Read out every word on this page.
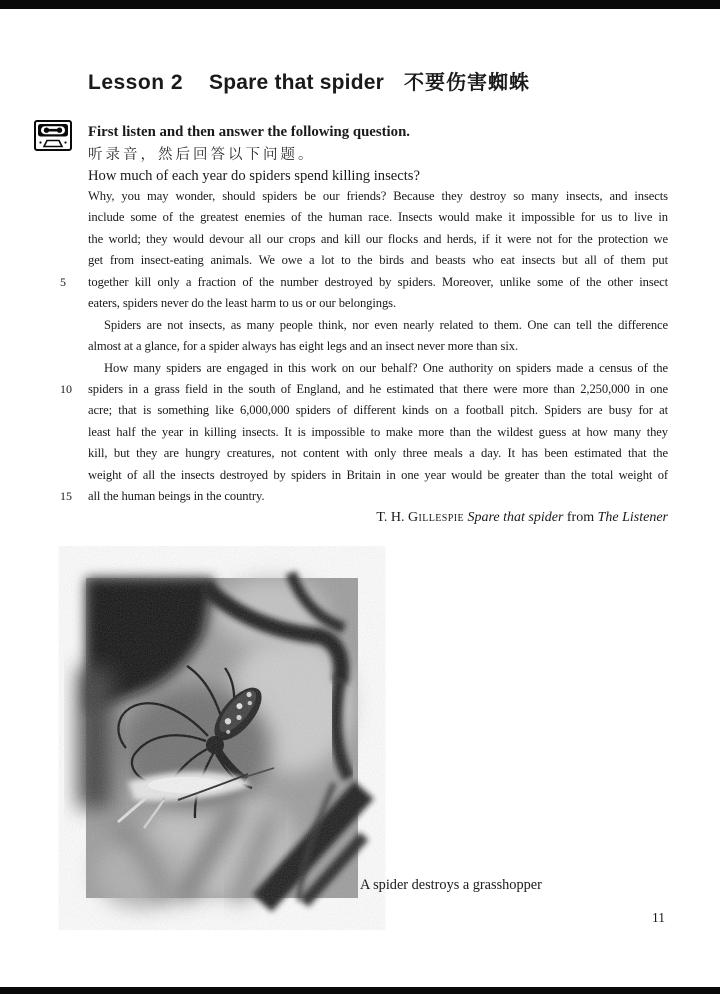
Lesson 2 Spare that spider 不要伤害蜘蛛

First listen and then answer the following question.

听录音，然后回答以下问题。

How much of each year do spiders spend killing insects?

Why, you may wonder, should spiders be our friends? Because they destroy so many insects, and insects
include some of the greatest enemies of the human race. Insects would make it impossible for us to live in
the world; they would devour all our crops and kill our flocks and herds, if it were not for the protection we
get from insect-eating animals. We owe a lot to the birds and beasts who eat insects but all of them put
5	together kill only a fraction of the number destroyed by spiders. Moreover, unlike some of the other insect
eaters, spiders never do the least harm to us or our belongings.
Spiders are not insects, as many people think, nor even nearly related to them. One can tell the difference
almost at a glance, for a spider always has eight legs and an insect never more than six.
How many spiders are engaged in this work on our behalf? One authority on spiders made a census of the
10	spiders in a grass field in the south of England, and he estimated that there were more than 2,250,000 in one
acre; that is something like 6,000,000 spiders of different kinds on a football pitch. Spiders are busy for at
least half the year in killing insects. It is impossible to make more than the wildest guess at how many they
kill, but they are hungry creatures, not content with only three meals a day. It has been estimated that the
weight of all the insects destroyed by spiders in Britain in one year would be greater than the total weight of
15	all the human beings in the country.

T. H. Gillespie Spare that spider from The Listener

A spider destroys a grasshopper
11
